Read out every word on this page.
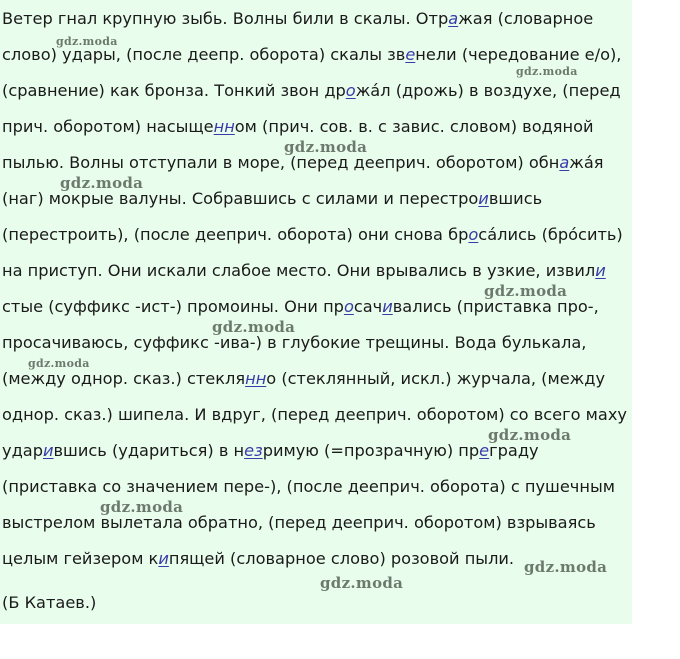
Ветер гнал крупную зыбь. Волны били в скалы. Отражая (словарное
слово) удары, (после деепр. оборота) скалы звенели (чередование е/о),
(сравнение) как бронза. Тонкий звон дрожа́л (дрожь) в воздухе, (перед
прич. оборотом) насыщенном (прич. сов. в. с завис. словом) водяной
пылью. Волны отступали в море, (перед деeприч. оборотом) обнажа́я
(наг) мокрые валуны. Собравшись с силами и перестроившись
(перестроить), (после деeприч. оборота) они снова броса́лись (бро́сить)
на приступ. Они искали слабое место. Они врывались в узкие, извили
стые (суффикс -ист-) промоины. Они просачивались (приставка про-,
просачиваюсь, суффикс -ива-) в глубокие трещины. Вода булькала,
(между однор. сказ.) стеклянно (стеклянный, искл.) журчала, (между
однор. сказ.) шипела. И вдруг, (перед деeприч. оборотом) со всего маху
ударившись (удариться) в незримую (=прозрачную) преграду
(приставка со значением пере-), (после деeприч. оборота) с пушечным
выстрелом вылетала обратно, (перед деeприч. оборотом) взрываясь
целым гейзером кипящей (словарное слово) розовой пыли.
(Б Катаев.)
gdz.moda
gdz.moda
gdz.moda
gdz.moda
gdz.moda
gdz.moda
gdz.moda
gdz.moda
gdz.moda
gdz.moda
gdz.moda
